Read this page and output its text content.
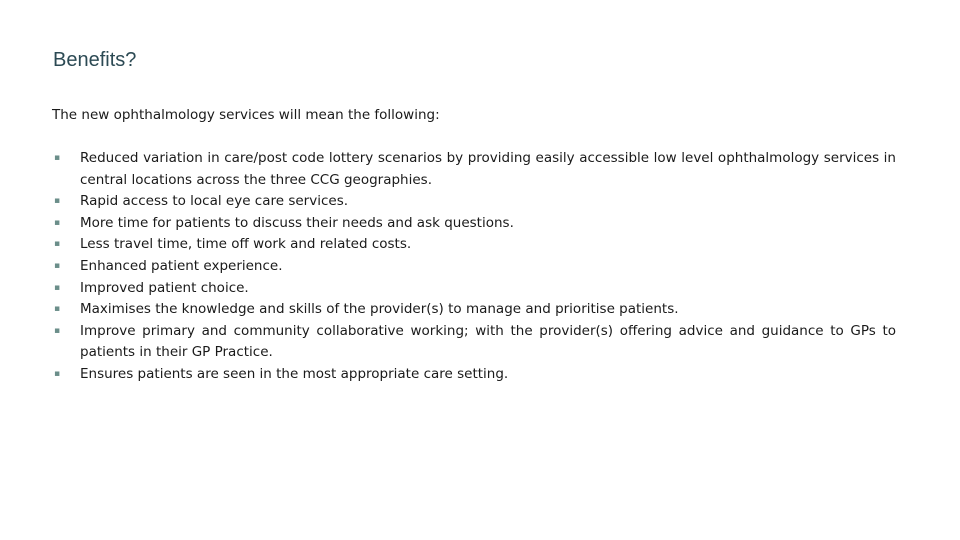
Benefits?

The new ophthalmology services will mean the following:

▪ Reduced variation in care/post code lottery scenarios by providing easily accessible low level ophthalmology services in central locations across the three CCG geographies.
▪ Rapid access to local eye care services.
▪ More time for patients to discuss their needs and ask questions.
▪ Less travel time, time off work and related costs.
▪ Enhanced patient experience.
▪ Improved patient choice.
▪ Maximises the knowledge and skills of the provider(s) to manage and prioritise patients.
▪ Improve primary and community collaborative working; with the provider(s) offering advice and guidance to GPs to patients in their GP Practice.
▪ Ensures patients are seen in the most appropriate care setting.
